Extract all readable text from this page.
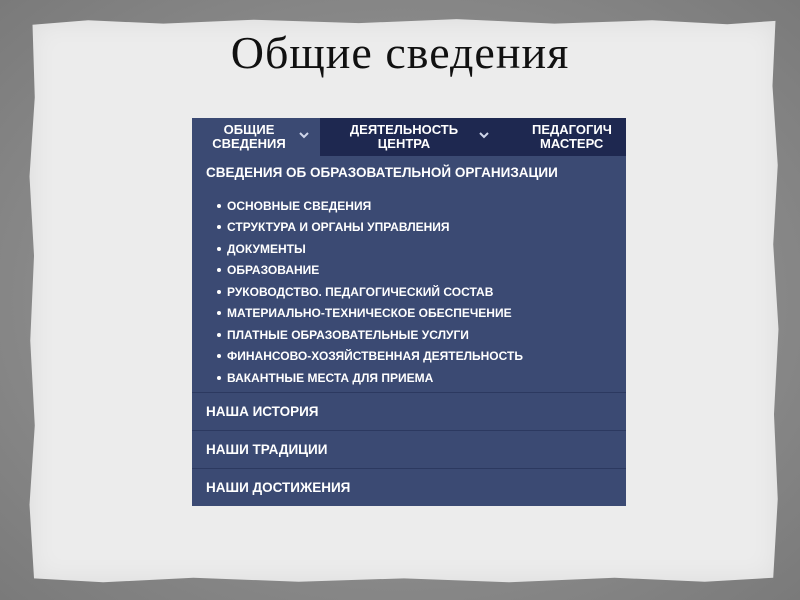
Общие сведения
ОБЩИЕ
СВЕДЕНИЯ
ДЕЯТЕЛЬНОСТЬ
ЦЕНТРА
ПЕДАГОГИЧ
МАСТЕРС
СВЕДЕНИЯ ОБ ОБРАЗОВАТЕЛЬНОЙ ОРГАНИЗАЦИИ
ОСНОВНЫЕ СВЕДЕНИЯ
СТРУКТУРА И ОРГАНЫ УПРАВЛЕНИЯ
ДОКУМЕНТЫ
ОБРАЗОВАНИЕ
РУКОВОДСТВО. ПЕДАГОГИЧЕСКИЙ СОСТАВ
МАТЕРИАЛЬНО-ТЕХНИЧЕСКОЕ ОБЕСПЕЧЕНИЕ
ПЛАТНЫЕ ОБРАЗОВАТЕЛЬНЫЕ УСЛУГИ
ФИНАНСОВО-ХОЗЯЙСТВЕННАЯ ДЕЯТЕЛЬНОСТЬ
ВАКАНТНЫЕ МЕСТА ДЛЯ ПРИЕМА
НАША ИСТОРИЯ
НАШИ ТРАДИЦИИ
НАШИ ДОСТИЖЕНИЯ
